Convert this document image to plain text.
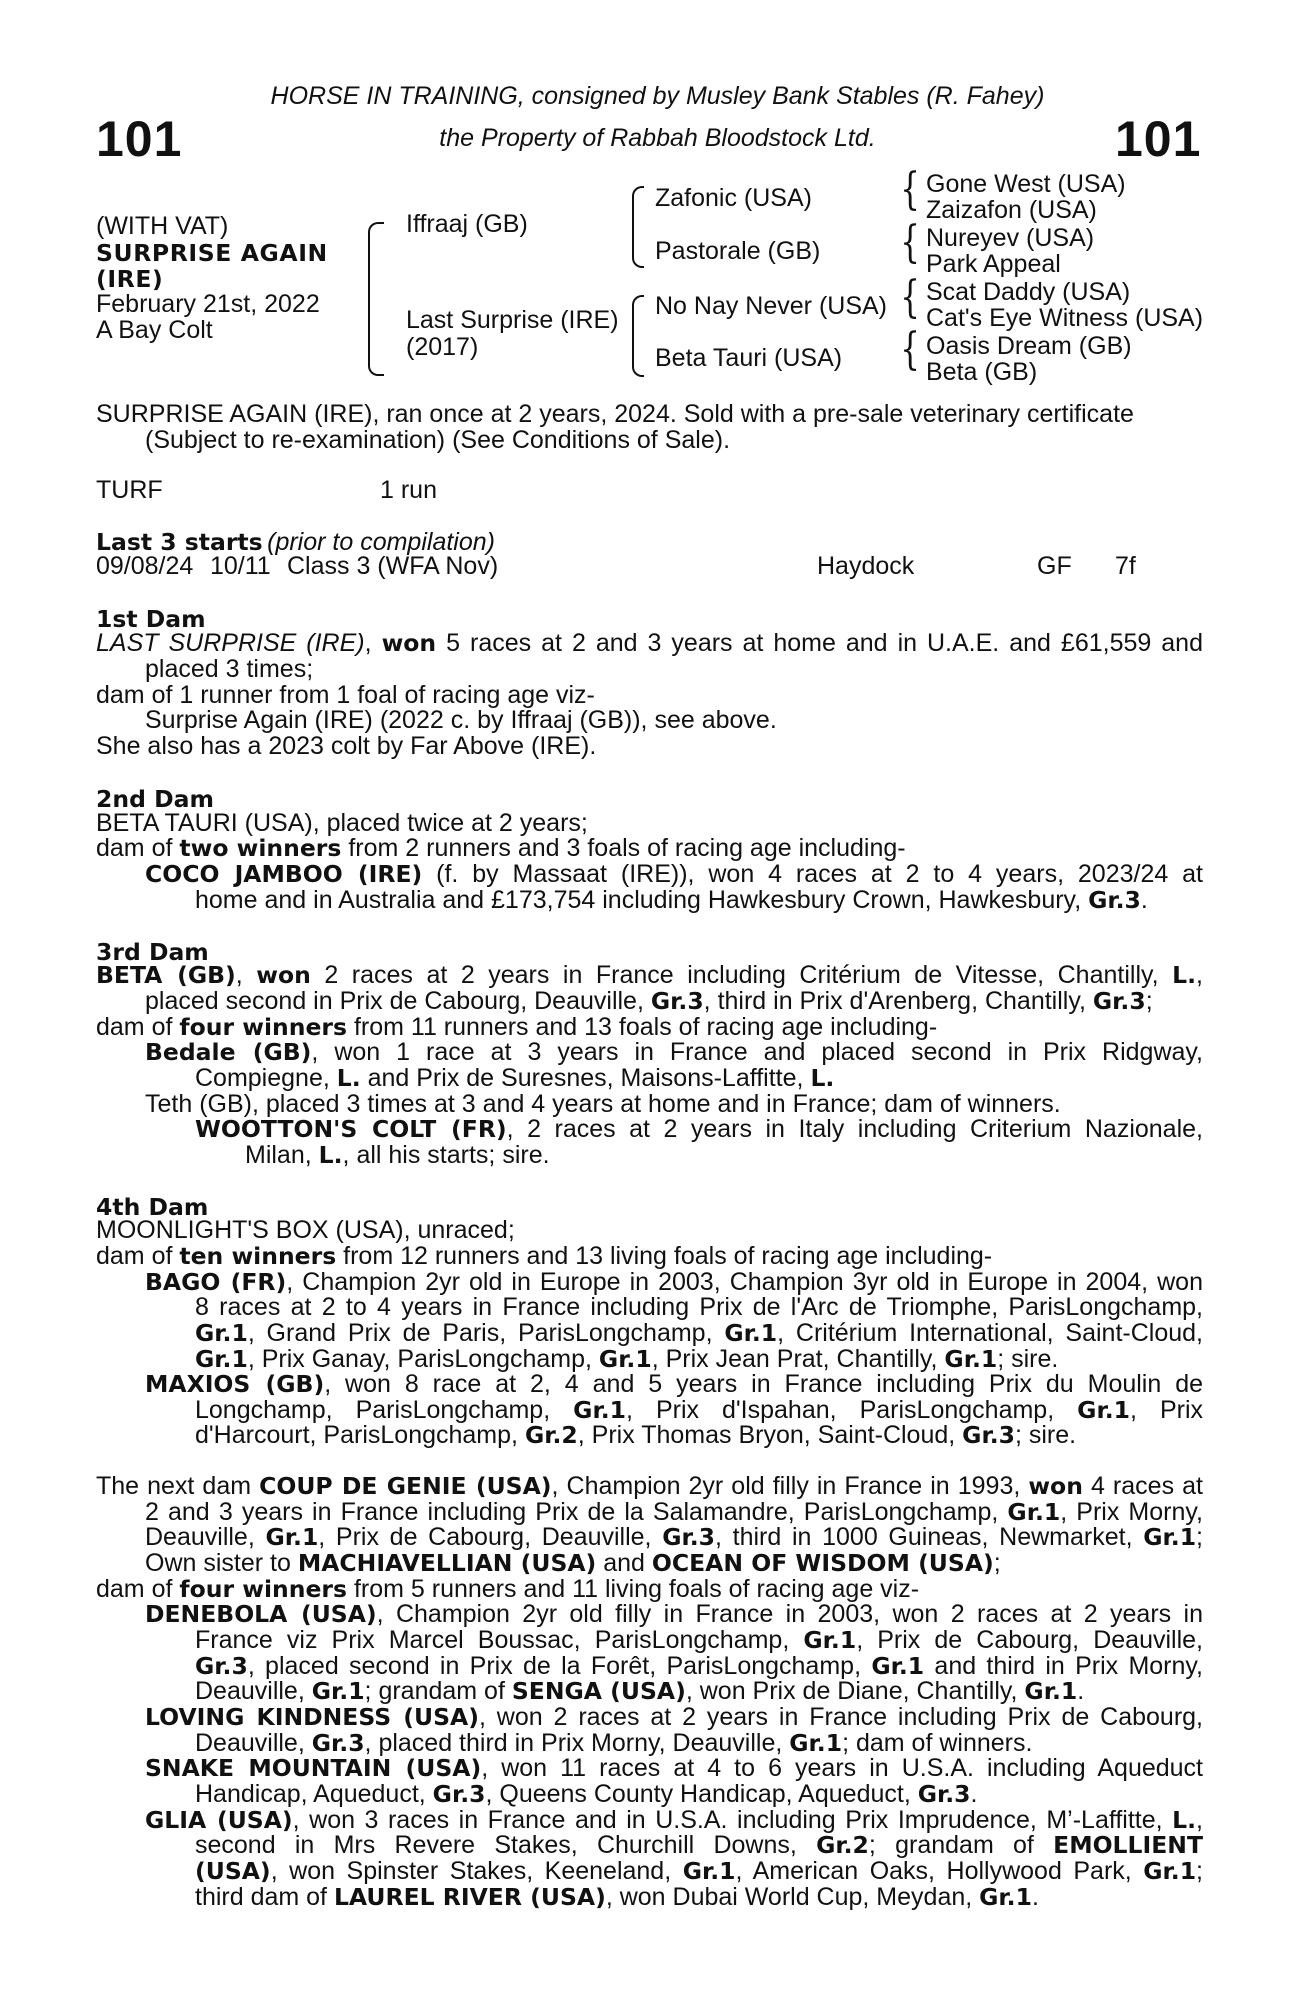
101	101
HORSE IN TRAINING, consigned by Musley Bank Stables (R. Fahey)
the Property of Rabbah Bloodstock Ltd.
(WITH VAT)
SURPRISE AGAIN
(IRE)
February 21st, 2022
A Bay Colt
Iffraaj (GB)
Last Surprise (IRE)
(2017)
Zafonic (USA)
Pastorale (GB)
No Nay Never (USA)
Beta Tauri (USA)
{
{
{
{
Gone West (USA)
Zaizafon (USA)
Nureyev (USA)
Park Appeal
Scat Daddy (USA)
Cat's Eye Witness (USA)
Oasis Dream (GB)
Beta (GB)
SURPRISE AGAIN (IRE), ran once at 2 years, 2024. Sold with a pre-sale veterinary certificate
(Subject to re-examination) (See Conditions of Sale).
TURF	1 run
Last 3 starts (prior to compilation)
09/08/24 10/11 Class 3 (WFA Nov)	Haydock	GF 7f
1st Dam
LAST SURPRISE (IRE), won 5 races at 2 and 3 years at home and in U.A.E. and £61,559 and
placed 3 times;
dam of 1 runner from 1 foal of racing age viz-
Surprise Again (IRE) (2022 c. by Iffraaj (GB)), see above.
She also has a 2023 colt by Far Above (IRE).
2nd Dam
BETA TAURI (USA), placed twice at 2 years;
dam of two winners from 2 runners and 3 foals of racing age including-
COCO JAMBOO (IRE) (f. by Massaat (IRE)), won 4 races at 2 to 4 years, 2023/24 at
home and in Australia and £173,754 including Hawkesbury Crown, Hawkesbury, Gr.3.
3rd Dam
BETA (GB), won 2 races at 2 years in France including Critérium de Vitesse, Chantilly, L.,
placed second in Prix de Cabourg, Deauville, Gr.3, third in Prix d'Arenberg, Chantilly, Gr.3;
dam of four winners from 11 runners and 13 foals of racing age including-
Bedale (GB), won 1 race at 3 years in France and placed second in Prix Ridgway,
Compiegne, L. and Prix de Suresnes, Maisons-Laffitte, L.
Teth (GB), placed 3 times at 3 and 4 years at home and in France; dam of winners.
WOOTTON'S COLT (FR), 2 races at 2 years in Italy including Criterium Nazionale,
Milan, L., all his starts; sire.
4th Dam
MOONLIGHT'S BOX (USA), unraced;
dam of ten winners from 12 runners and 13 living foals of racing age including-
BAGO (FR), Champion 2yr old in Europe in 2003, Champion 3yr old in Europe in 2004, won
8 races at 2 to 4 years in France including Prix de l'Arc de Triomphe, ParisLongchamp,
Gr.1, Grand Prix de Paris, ParisLongchamp, Gr.1, Critérium International, Saint-Cloud,
Gr.1, Prix Ganay, ParisLongchamp, Gr.1, Prix Jean Prat, Chantilly, Gr.1; sire.
MAXIOS (GB), won 8 race at 2, 4 and 5 years in France including Prix du Moulin de
Longchamp, ParisLongchamp, Gr.1, Prix d'Ispahan, ParisLongchamp, Gr.1, Prix
d'Harcourt, ParisLongchamp, Gr.2, Prix Thomas Bryon, Saint-Cloud, Gr.3; sire.
The next dam COUP DE GENIE (USA), Champion 2yr old filly in France in 1993, won 4 races at
2 and 3 years in France including Prix de la Salamandre, ParisLongchamp, Gr.1, Prix Morny,
Deauville, Gr.1, Prix de Cabourg, Deauville, Gr.3, third in 1000 Guineas, Newmarket, Gr.1;
Own sister to MACHIAVELLIAN (USA) and OCEAN OF WISDOM (USA);
dam of four winners from 5 runners and 11 living foals of racing age viz-
DENEBOLA (USA), Champion 2yr old filly in France in 2003, won 2 races at 2 years in
France viz Prix Marcel Boussac, ParisLongchamp, Gr.1, Prix de Cabourg, Deauville,
Gr.3, placed second in Prix de la Forêt, ParisLongchamp, Gr.1 and third in Prix Morny,
Deauville, Gr.1; grandam of SENGA (USA), won Prix de Diane, Chantilly, Gr.1.
LOVING KINDNESS (USA), won 2 races at 2 years in France including Prix de Cabourg,
Deauville, Gr.3, placed third in Prix Morny, Deauville, Gr.1; dam of winners.
SNAKE MOUNTAIN (USA), won 11 races at 4 to 6 years in U.S.A. including Aqueduct
Handicap, Aqueduct, Gr.3, Queens County Handicap, Aqueduct, Gr.3.
GLIA (USA), won 3 races in France and in U.S.A. including Prix Imprudence, M’-Laffitte, L.,
second in Mrs Revere Stakes, Churchill Downs, Gr.2; grandam of EMOLLIENT
(USA), won Spinster Stakes, Keeneland, Gr.1, American Oaks, Hollywood Park, Gr.1;
third dam of LAUREL RIVER (USA), won Dubai World Cup, Meydan, Gr.1.
